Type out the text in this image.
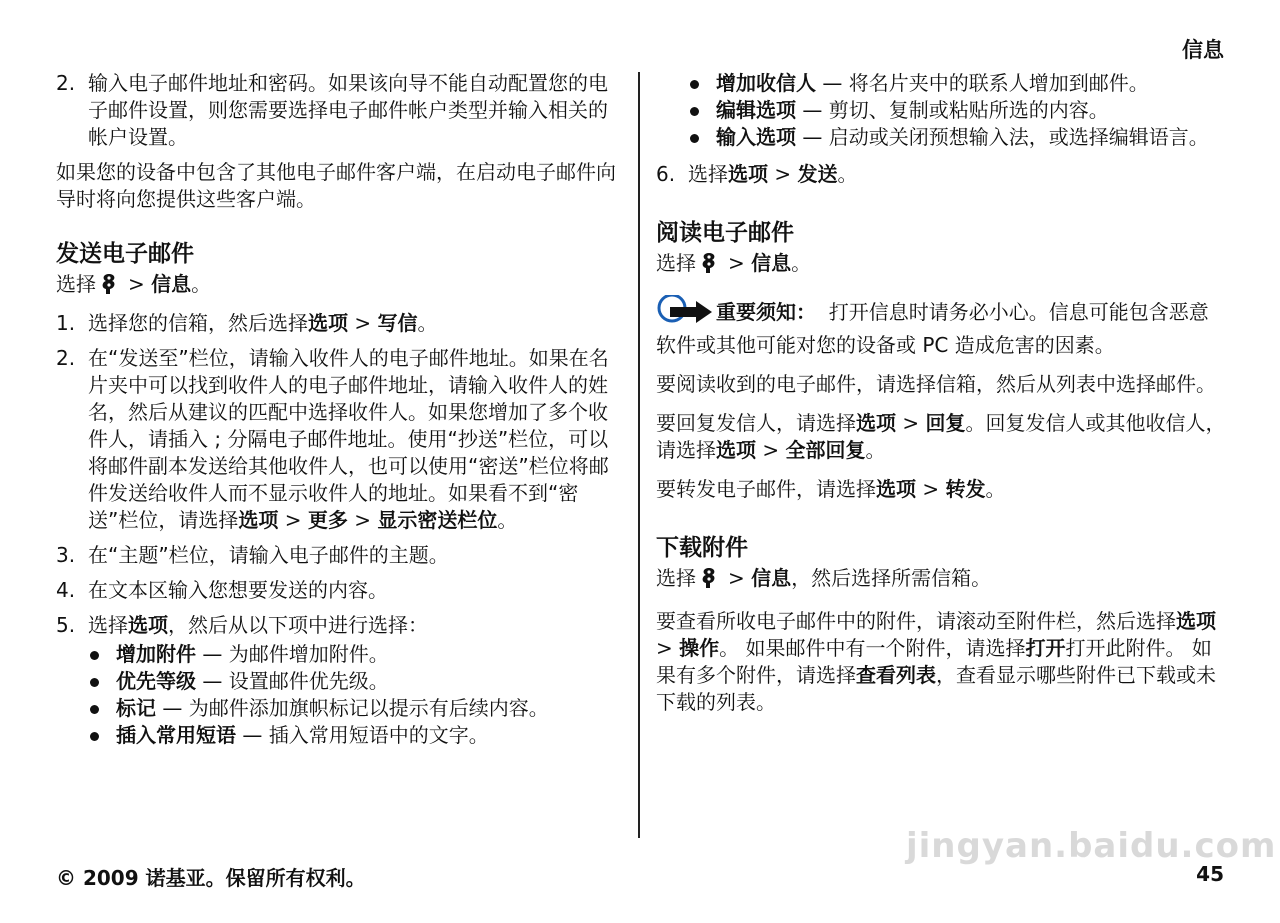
信息
2. 输入电子邮件地址和密码。如果该向导不能自动配置您的电子邮件设置，则您需要选择电子邮件帐户类型并输入相关的帐户设置。

如果您的设备中包含了其他电子邮件客户端，在启动电子邮件向导时将向您提供这些客户端。

发送电子邮件

选择 > 信息。

1. 选择您的信箱，然后选择选项 > 写信。
2. 在“发送至”栏位，请输入收件人的电子邮件地址。如果在名片夹中可以找到收件人的电子邮件地址，请输入收件人的姓名，然后从建议的匹配中选择收件人。如果您增加了多个收件人，请插入 ; 分隔电子邮件地址。使用“抄送”栏位，可以将邮件副本发送给其他收件人，也可以使用“密送”栏位将邮件发送给收件人而不显示收件人的地址。如果看不到“密送”栏位，请选择选项 > 更多 > 显示密送栏位。
3. 在“主题”栏位，请输入电子邮件的主题。
4. 在文本区输入您想要发送的内容。
5. 选择选项，然后从以下项中进行选择：
增加附件 — 为邮件增加附件。
优先等级 — 设置邮件优先级。
标记 — 为邮件添加旗帜标记以提示有后续内容。
插入常用短语 — 插入常用短语中的文字。
增加收信人 — 将名片夹中的联系人增加到邮件。
编辑选项 — 剪切、复制或粘贴所选的内容。
输入选项 — 启动或关闭预想输入法，或选择编辑语言。
6. 选择选项 > 发送。
阅读电子邮件

选择 > 信息。

重要须知： 打开信息时请务必小心。信息可能包含恶意软件或其他可能对您的设备或 PC 造成危害的因素。

要阅读收到的电子邮件，请选择信箱，然后从列表中选择邮件。

要回复发信人，请选择选项 > 回复。回复发信人或其他收信人，请选择选项 > 全部回复。

要转发电子邮件，请选择选项 > 转发。

下载附件

选择 > 信息，然后选择所需信箱。

要查看所收电子邮件中的附件，请滚动至附件栏，然后选择选项 > 操作。 如果邮件中有一个附件，请选择打开打开此附件。 如果有多个附件，请选择查看列表，查看显示哪些附件已下载或未下载的列表。

jingyan.baidu.com
© 2009 诺基亚。保留所有权利。	45
